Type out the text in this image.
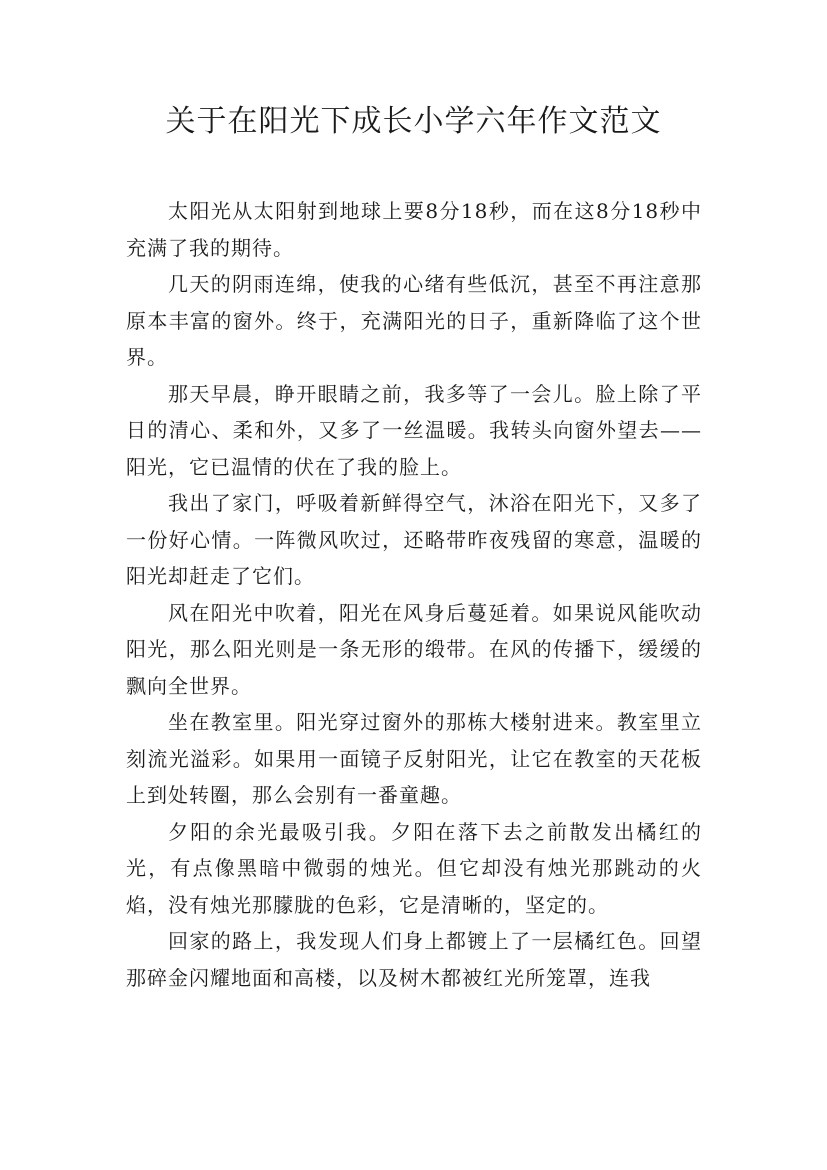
关于在阳光下成长小学六年作文范文

太阳光从太阳射到地球上要8分18秒，而在这8分18秒中充满了我的期待。

几天的阴雨连绵，使我的心绪有些低沉，甚至不再注意那原本丰富的窗外。终于，充满阳光的日子，重新降临了这个世界。

那天早晨，睁开眼睛之前，我多等了一会儿。脸上除了平日的清心、柔和外，又多了一丝温暖。我转头向窗外望去——阳光，它已温情的伏在了我的脸上。

我出了家门，呼吸着新鲜得空气，沐浴在阳光下，又多了一份好心情。一阵微风吹过，还略带昨夜残留的寒意，温暖的阳光却赶走了它们。

风在阳光中吹着，阳光在风身后蔓延着。如果说风能吹动阳光，那么阳光则是一条无形的缎带。在风的传播下，缓缓的飘向全世界。

坐在教室里。阳光穿过窗外的那栋大楼射进来。教室里立刻流光溢彩。如果用一面镜子反射阳光，让它在教室的天花板上到处转圈，那么会别有一番童趣。

夕阳的余光最吸引我。夕阳在落下去之前散发出橘红的光，有点像黑暗中微弱的烛光。但它却没有烛光那跳动的火焰，没有烛光那朦胧的色彩，它是清晰的，坚定的。

回家的路上，我发现人们身上都镀上了一层橘红色。回望那碎金闪耀地面和高楼，以及树木都被红光所笼罩，连我
